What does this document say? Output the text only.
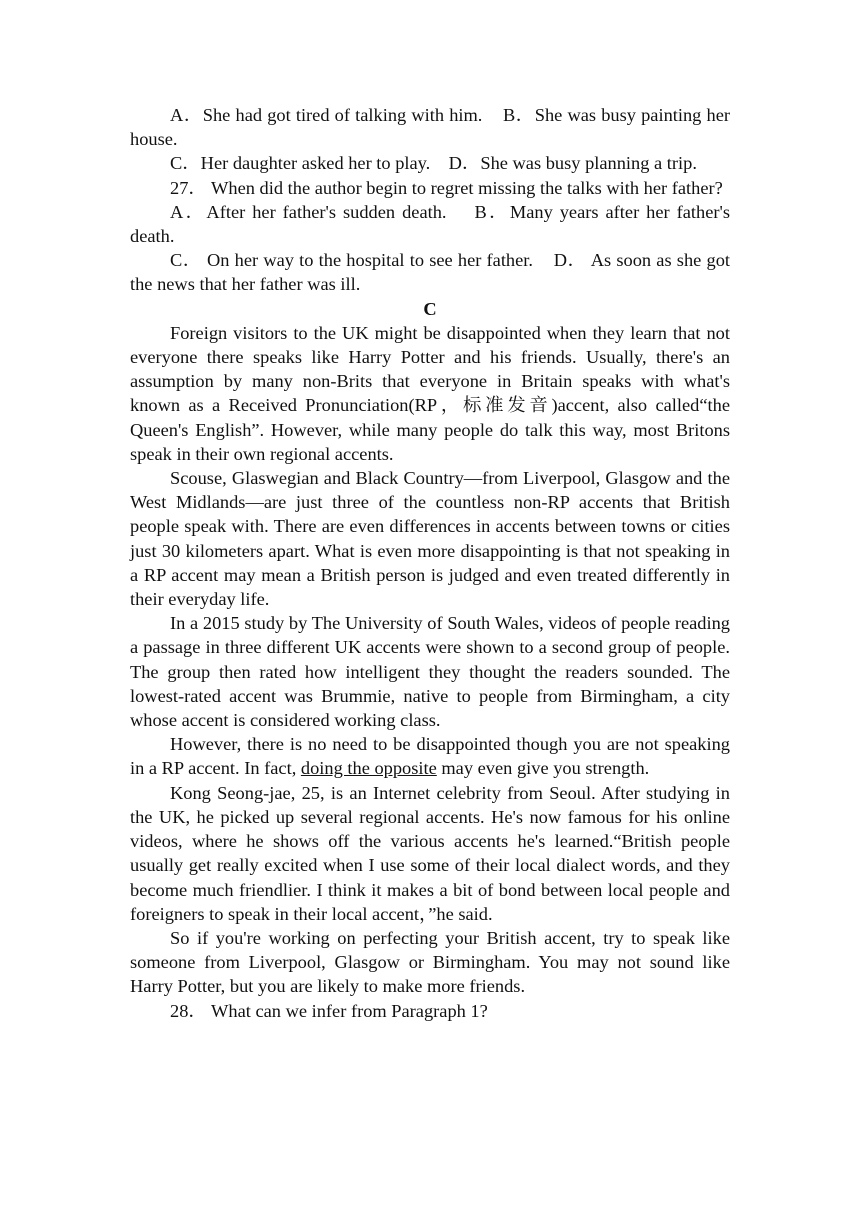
A．She had got tired of talking with him. B．She was busy painting her house.

C．Her daughter asked her to play. D．She was busy planning a trip.

27． When did the author begin to regret missing the talks with her father?

A．After her father's sudden death. B．Many years after her father's death.

C． On her way to the hospital to see her father. D． As soon as she got the news that her father was ill.

C

Foreign visitors to the UK might be disappointed when they learn that not everyone there speaks like Harry Potter and his friends. Usually, there's an assumption by many non-Brits that everyone in Britain speaks with what's known as a Received Pronunciation(RP，标准发音)accent, also called“the Queen's English”. However, while many people do talk this way, most Britons speak in their own regional accents.

Scouse, Glaswegian and Black Country—from Liverpool, Glasgow and the West Midlands—are just three of the countless non-RP accents that British people speak with. There are even differences in accents between towns or cities just 30 kilometers apart. What is even more disappointing is that not speaking in a RP accent may mean a British person is judged and even treated differently in their everyday life.

In a 2015 study by The University of South Wales, videos of people reading a passage in three different UK accents were shown to a second group of people. The group then rated how intelligent they thought the readers sounded. The lowest-rated accent was Brummie, native to people from Birmingham, a city whose accent is considered working class.

However, there is no need to be disappointed though you are not speaking in a RP accent. In fact, doing the opposite may even give you strength.

Kong Seong-jae, 25, is an Internet celebrity from Seoul. After studying in the UK, he picked up several regional accents. He's now famous for his online videos, where he shows off the various accents he's learned.“British people usually get really excited when I use some of their local dialect words, and they become much friendlier. I think it makes a bit of bond between local people and foreigners to speak in their local accent，”he said.

So if you're working on perfecting your British accent, try to speak like someone from Liverpool, Glasgow or Birmingham. You may not sound like Harry Potter, but you are likely to make more friends.

28． What can we infer from Paragraph 1?
